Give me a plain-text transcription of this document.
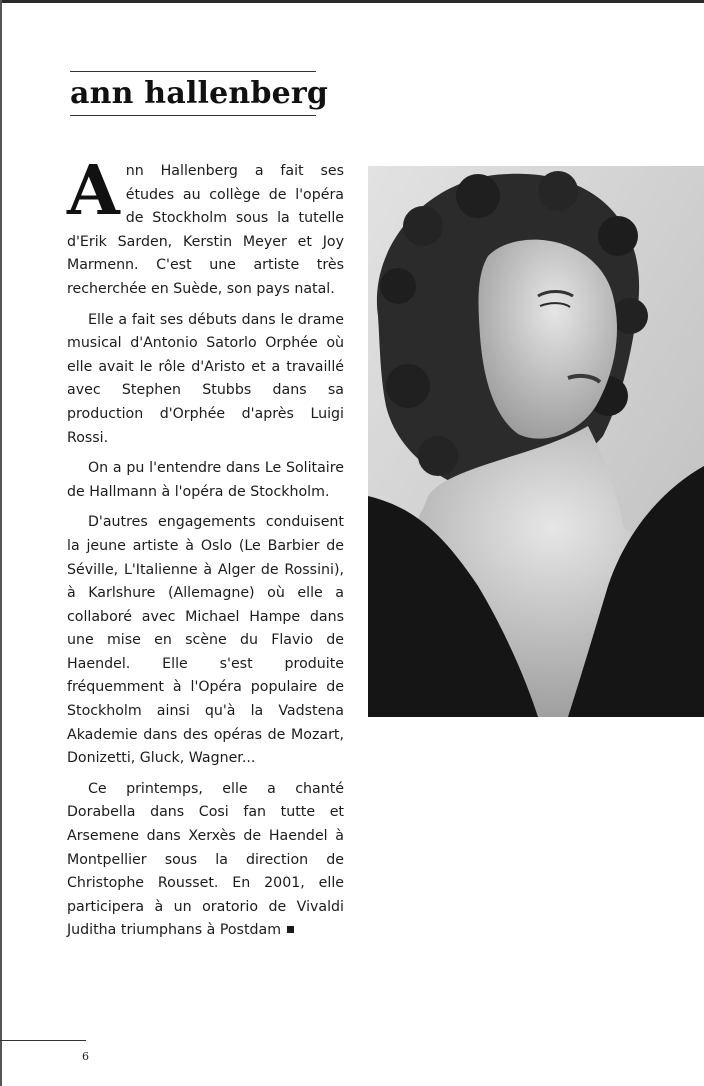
ann hallenberg

Ann Hallenberg a fait ses études au collège de l'opéra de Stockholm sous la tutelle d'Erik Sarden, Kerstin Meyer et Joy Marmenn. C'est une artiste très recherchée en Suède, son pays natal.

Elle a fait ses débuts dans le drame musical d'Antonio Satorlo Orphée où elle avait le rôle d'Aristo et a travaillé avec Stephen Stubbs dans sa production d'Orphée d'après Luigi Rossi.

On a pu l'entendre dans Le Solitaire de Hallmann à l'opéra de Stockholm.

D'autres engagements conduisent la jeune artiste à Oslo (Le Barbier de Séville, L'Italienne à Alger de Rossini), à Karlshure (Allemagne) où elle a collaboré avec Michael Hampe dans une mise en scène du Flavio de Haendel. Elle s'est produite fréquemment à l'Opéra populaire de Stockholm ainsi qu'à la Vadstena Akademie dans des opéras de Mozart, Donizetti, Gluck, Wagner...

Ce printemps, elle a chanté Dorabella dans Cosi fan tutte et Arsemene dans Xerxès de Haendel à Montpellier sous la direction de Christophe Rousset. En 2001, elle participera à un oratorio de Vivaldi Juditha triumphans à Postdam

6
